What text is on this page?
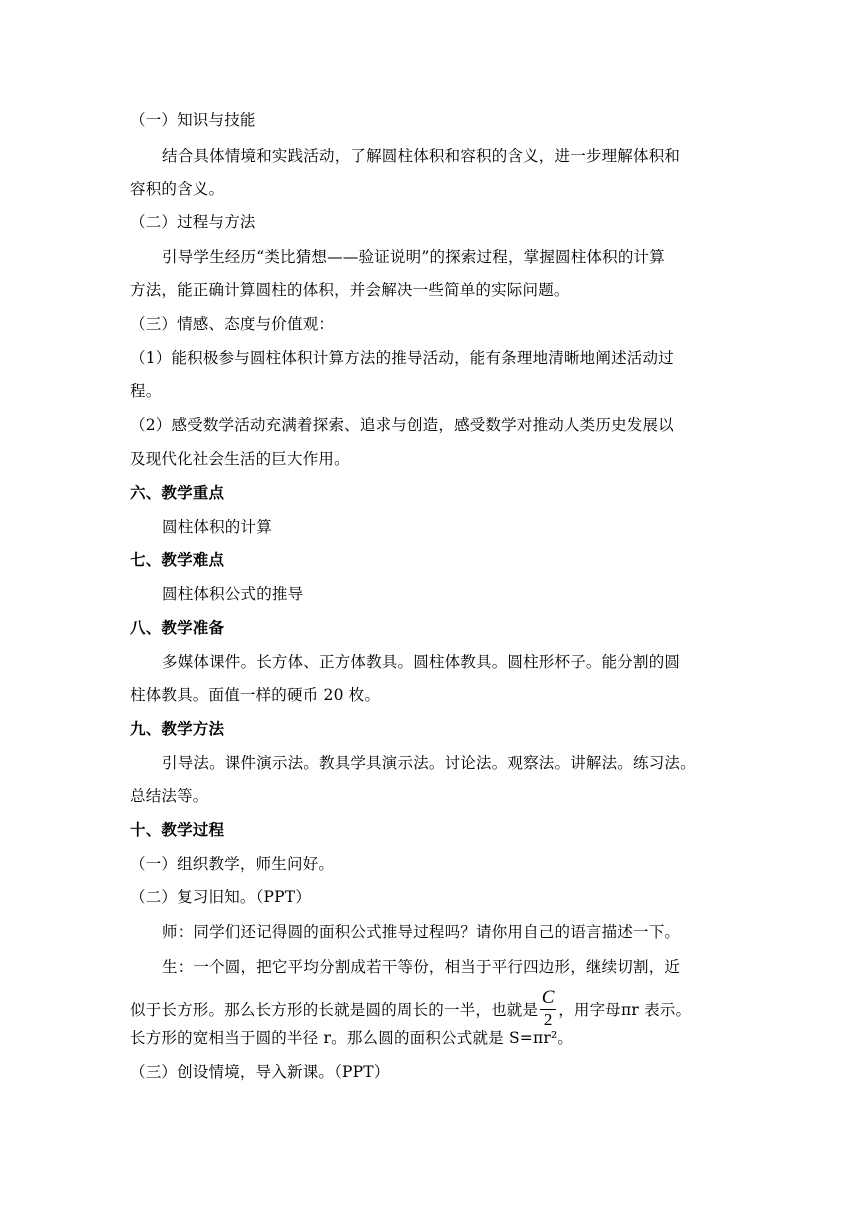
（一）知识与技能
结合具体情境和实践活动，了解圆柱体积和容积的含义，进一步理解体积和
容积的含义。
（二）过程与方法
引导学生经历“类比猜想——验证说明”的探索过程，掌握圆柱体积的计算
方法，能正确计算圆柱的体积，并会解决一些简单的实际问题。
（三）情感、态度与价值观：
（1）能积极参与圆柱体积计算方法的推导活动，能有条理地清晰地阐述活动过
程。
（2）感受数学活动充满着探索、追求与创造，感受数学对推动人类历史发展以
及现代化社会生活的巨大作用。
六、教学重点
圆柱体积的计算
七、教学难点
圆柱体积公式的推导
八、教学准备
多媒体课件。长方体、正方体教具。圆柱体教具。圆柱形杯子。能分割的圆
柱体教具。面值一样的硬币 20 枚。
九、教学方法
引导法。课件演示法。教具学具演示法。讨论法。观察法。讲解法。练习法。
总结法等。
十、教学过程
（一）组织教学，师生问好。
（二）复习旧知。（PPT）
师：同学们还记得圆的面积公式推导过程吗？请你用自己的语言描述一下。
生：一个圆，把它平均分割成若干等份，相当于平行四边形，继续切割，近
似于长方形。那么长方形的长就是圆的周长的一半，也就是 $\frac{C}{2}$ ，用字母πr 表示。
长方形的宽相当于圆的半径 r。那么圆的面积公式就是 S=πr²。
（三）创设情境，导入新课。（PPT）
